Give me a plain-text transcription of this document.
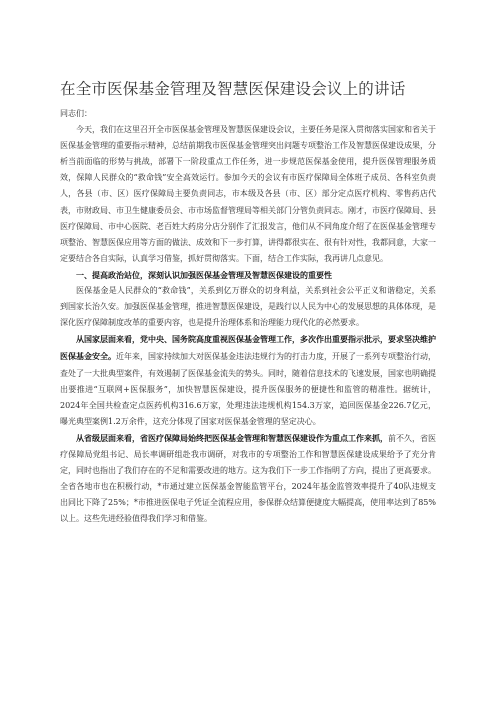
在全市医保基金管理及智慧医保建设会议上的讲话

同志们：

今天，我们在这里召开全市医保基金管理及智慧医保建设会议，主要任务是深入贯彻落实国家和省关于医保基金管理的重要指示精神，总结前期我市医保基金管理突出问题专项整治工作及智慧医保建设成果，分析当前面临的形势与挑战，部署下一阶段重点工作任务，进一步规范医保基金使用，提升医保管理服务质效，保障人民群众的“救命钱”安全高效运行。参加今天的会议有市医疗保障局全体班子成员、各科室负责人，各县（市、区）医疗保障局主要负责同志，市本级及各县（市、区）部分定点医疗机构、零售药店代表，市财政局、市卫生健康委员会、市市场监督管理局等相关部门分管负责同志。刚才，市医疗保障局、县医疗保障局、市中心医院、老百姓大药房分店分别作了汇报发言，他们从不同角度介绍了在医保基金管理专项整治、智慧医保应用等方面的做法、成效和下一步打算，讲得都很实在、很有针对性，我都同意，大家一定要结合各自实际，认真学习借鉴，抓好贯彻落实。下面，结合工作实际，我再讲几点意见。

一、提高政治站位，深刻认识加强医保基金管理及智慧医保建设的重要性

医保基金是人民群众的“救命钱”，关系到亿万群众的切身利益，关系到社会公平正义和谐稳定，关系到国家长治久安。加强医保基金管理，推进智慧医保建设，是践行以人民为中心的发展思想的具体体现，是深化医疗保障制度改革的重要内容，也是提升治理体系和治理能力现代化的必然要求。

从国家层面来看，党中央、国务院高度重视医保基金管理工作，多次作出重要指示批示，要求坚决维护医保基金安全。近年来，国家持续加大对医保基金违法违规行为的打击力度，开展了一系列专项整治行动，查处了一大批典型案件，有效遏制了医保基金流失的势头。同时，随着信息技术的飞速发展，国家也明确提出要推进“互联网+医保服务”，加快智慧医保建设，提升医保服务的便捷性和监管的精准性。据统计，2024年全国共检查定点医药机构316.6万家，处理违法违规机构154.3万家，追回医保基金226.7亿元，曝光典型案例1.2万余件，这充分体现了国家对医保基金管理的坚定决心。

从省级层面来看，省医疗保障局始终把医保基金管理和智慧医保建设作为重点工作来抓，前不久，省医疗保障局党组书记、局长率调研组赴我市调研，对我市的专项整治工作和智慧医保建设成果给予了充分肯定，同时也指出了我们存在的不足和需要改进的地方。这为我们下一步工作指明了方向，提出了更高要求。全省各地市也在积极行动，*市通过建立医保基金智能监管平台，2024年基金监管效率提升了40队违规支出同比下降了25%；*市推进医保电子凭证全流程应用，参保群众结算便捷度大幅提高，使用率达到了85%以上。这些先进经验值得我们学习和借鉴。
